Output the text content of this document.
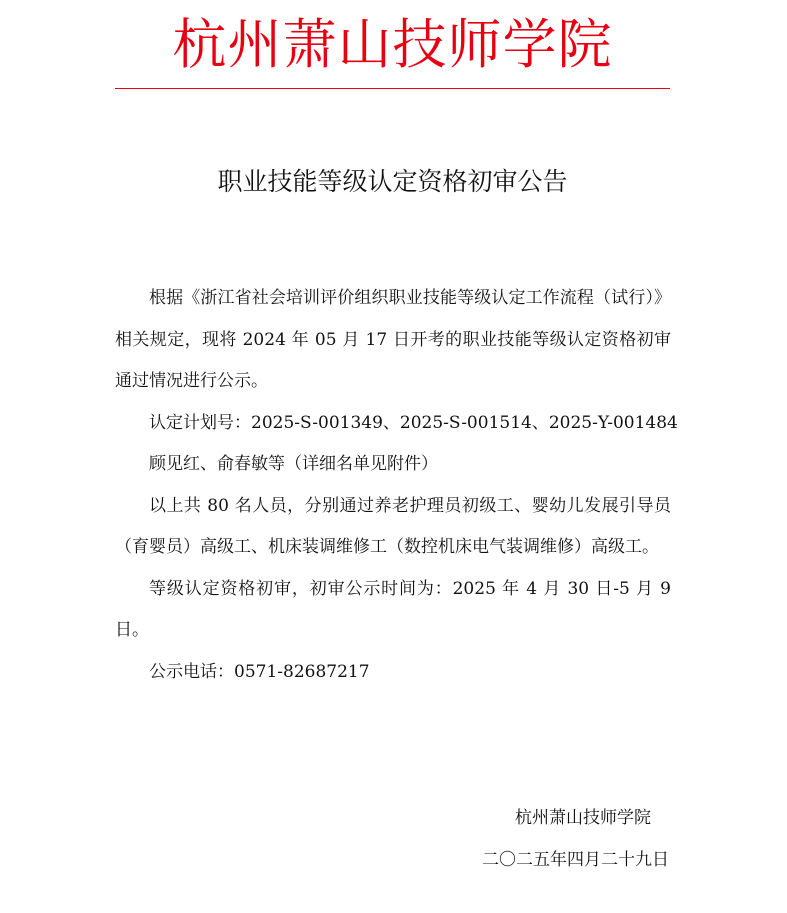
杭州萧山技师学院
职业技能等级认定资格初审公告

根据《浙江省社会培训评价组织职业技能等级认定工作流程（试行）》相关规定，现将 2024 年 05 月 17 日开考的职业技能等级认定资格初审通过情况进行公示。

认定计划号：2025-S-001349、2025-S-001514、2025-Y-001484

顾见红、俞春敏等（详细名单见附件）

以上共 80 名人员，分别通过养老护理员初级工、婴幼儿发展引导员（育婴员）高级工、机床装调维修工（数控机床电气装调维修）高级工。

等级认定资格初审，初审公示时间为：2025 年 4 月 30 日-5 月 9 日。

公示电话：0571-82687217

杭州萧山技师学院
二〇二五年四月二十九日
